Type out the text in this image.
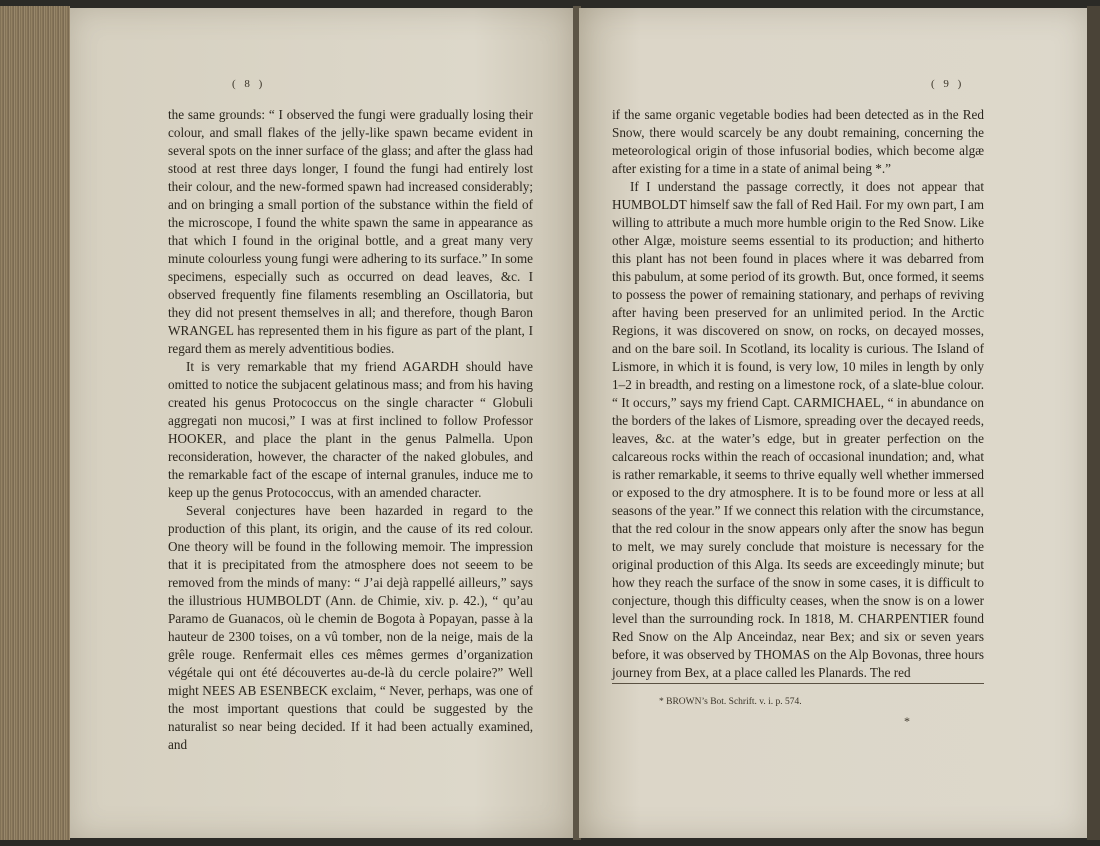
( 8 )

the same grounds: “ I observed the fungi were gradually losing their colour, and small flakes of the jelly-like spawn became evident in several spots on the inner surface of the glass; and after the glass had stood at rest three days longer, I found the fungi had entirely lost their colour, and the new-formed spawn had increased considerably; and on bringing a small portion of the substance within the field of the microscope, I found the white spawn the same in appearance as that which I found in the original bottle, and a great many very minute colourless young fungi were adhering to its surface.” In some specimens, especially such as occurred on dead leaves, &c. I observed frequently fine filaments resembling an Oscillatoria, but they did not present themselves in all; and therefore, though Baron WRANGEL has represented them in his figure as part of the plant, I regard them as merely adventitious bodies.

It is very remarkable that my friend AGARDH should have omitted to notice the subjacent gelatinous mass; and from his having created his genus Protococcus on the single character “ Globuli aggregati non mucosi,” I was at first inclined to follow Professor HOOKER, and place the plant in the genus Palmella. Upon reconsideration, however, the character of the naked globules, and the remarkable fact of the escape of internal granules, induce me to keep up the genus Protococcus, with an amended character.

Several conjectures have been hazarded in regard to the production of this plant, its origin, and the cause of its red colour. One theory will be found in the following memoir. The impression that it is precipitated from the atmosphere does not seeem to be removed from the minds of many: “ J’ai dejà rappellé ailleurs,” says the illustrious HUMBOLDT (Ann. de Chimie, xiv. p. 42.), “ qu’au Paramo de Guanacos, où le chemin de Bogota à Popayan, passe à la hauteur de 2300 toises, on a vû tomber, non de la neige, mais de la grêle rouge. Renfermait elles ces mêmes germes d’organization végétale qui ont été découvertes au-de-là du cercle polaire?” Well might NEES AB ESENBECK exclaim, “ Never, perhaps, was one of the most important questions that could be suggested by the naturalist so near being decided. If it had been actually examined, and

( 9 )

if the same organic vegetable bodies had been detected as in the Red Snow, there would scarcely be any doubt remaining, concerning the meteorological origin of those infusorial bodies, which become algæ after existing for a time in a state of animal being *.”

If I understand the passage correctly, it does not appear that HUMBOLDT himself saw the fall of Red Hail. For my own part, I am willing to attribute a much more humble origin to the Red Snow. Like other Algæ, moisture seems essential to its production; and hitherto this plant has not been found in places where it was debarred from this pabulum, at some period of its growth. But, once formed, it seems to possess the power of remaining stationary, and perhaps of reviving after having been preserved for an unlimited period. In the Arctic Regions, it was discovered on snow, on rocks, on decayed mosses, and on the bare soil. In Scotland, its locality is curious. The Island of Lismore, in which it is found, is very low, 10 miles in length by only 1–2 in breadth, and resting on a limestone rock, of a slate-blue colour. “ It occurs,” says my friend Capt. CARMICHAEL, “ in abundance on the borders of the lakes of Lismore, spreading over the decayed reeds, leaves, &c. at the water’s edge, but in greater perfection on the calcareous rocks within the reach of occasional inundation; and, what is rather remarkable, it seems to thrive equally well whether immersed or exposed to the dry atmosphere. It is to be found more or less at all seasons of the year.” If we connect this relation with the circumstance, that the red colour in the snow appears only after the snow has begun to melt, we may surely conclude that moisture is necessary for the original production of this Alga. Its seeds are exceedingly minute; but how they reach the surface of the snow in some cases, it is difficult to conjecture, though this difficulty ceases, when the snow is on a lower level than the surrounding rock. In 1818, M. CHARPENTIER found Red Snow on the Alp Anceindaz, near Bex; and six or seven years before, it was observed by THOMAS on the Alp Bovonas, three hours journey from Bex, at a place called les Planards. The red

* BROWN’s Bot. Schrift. v. i. p. 574.
*
